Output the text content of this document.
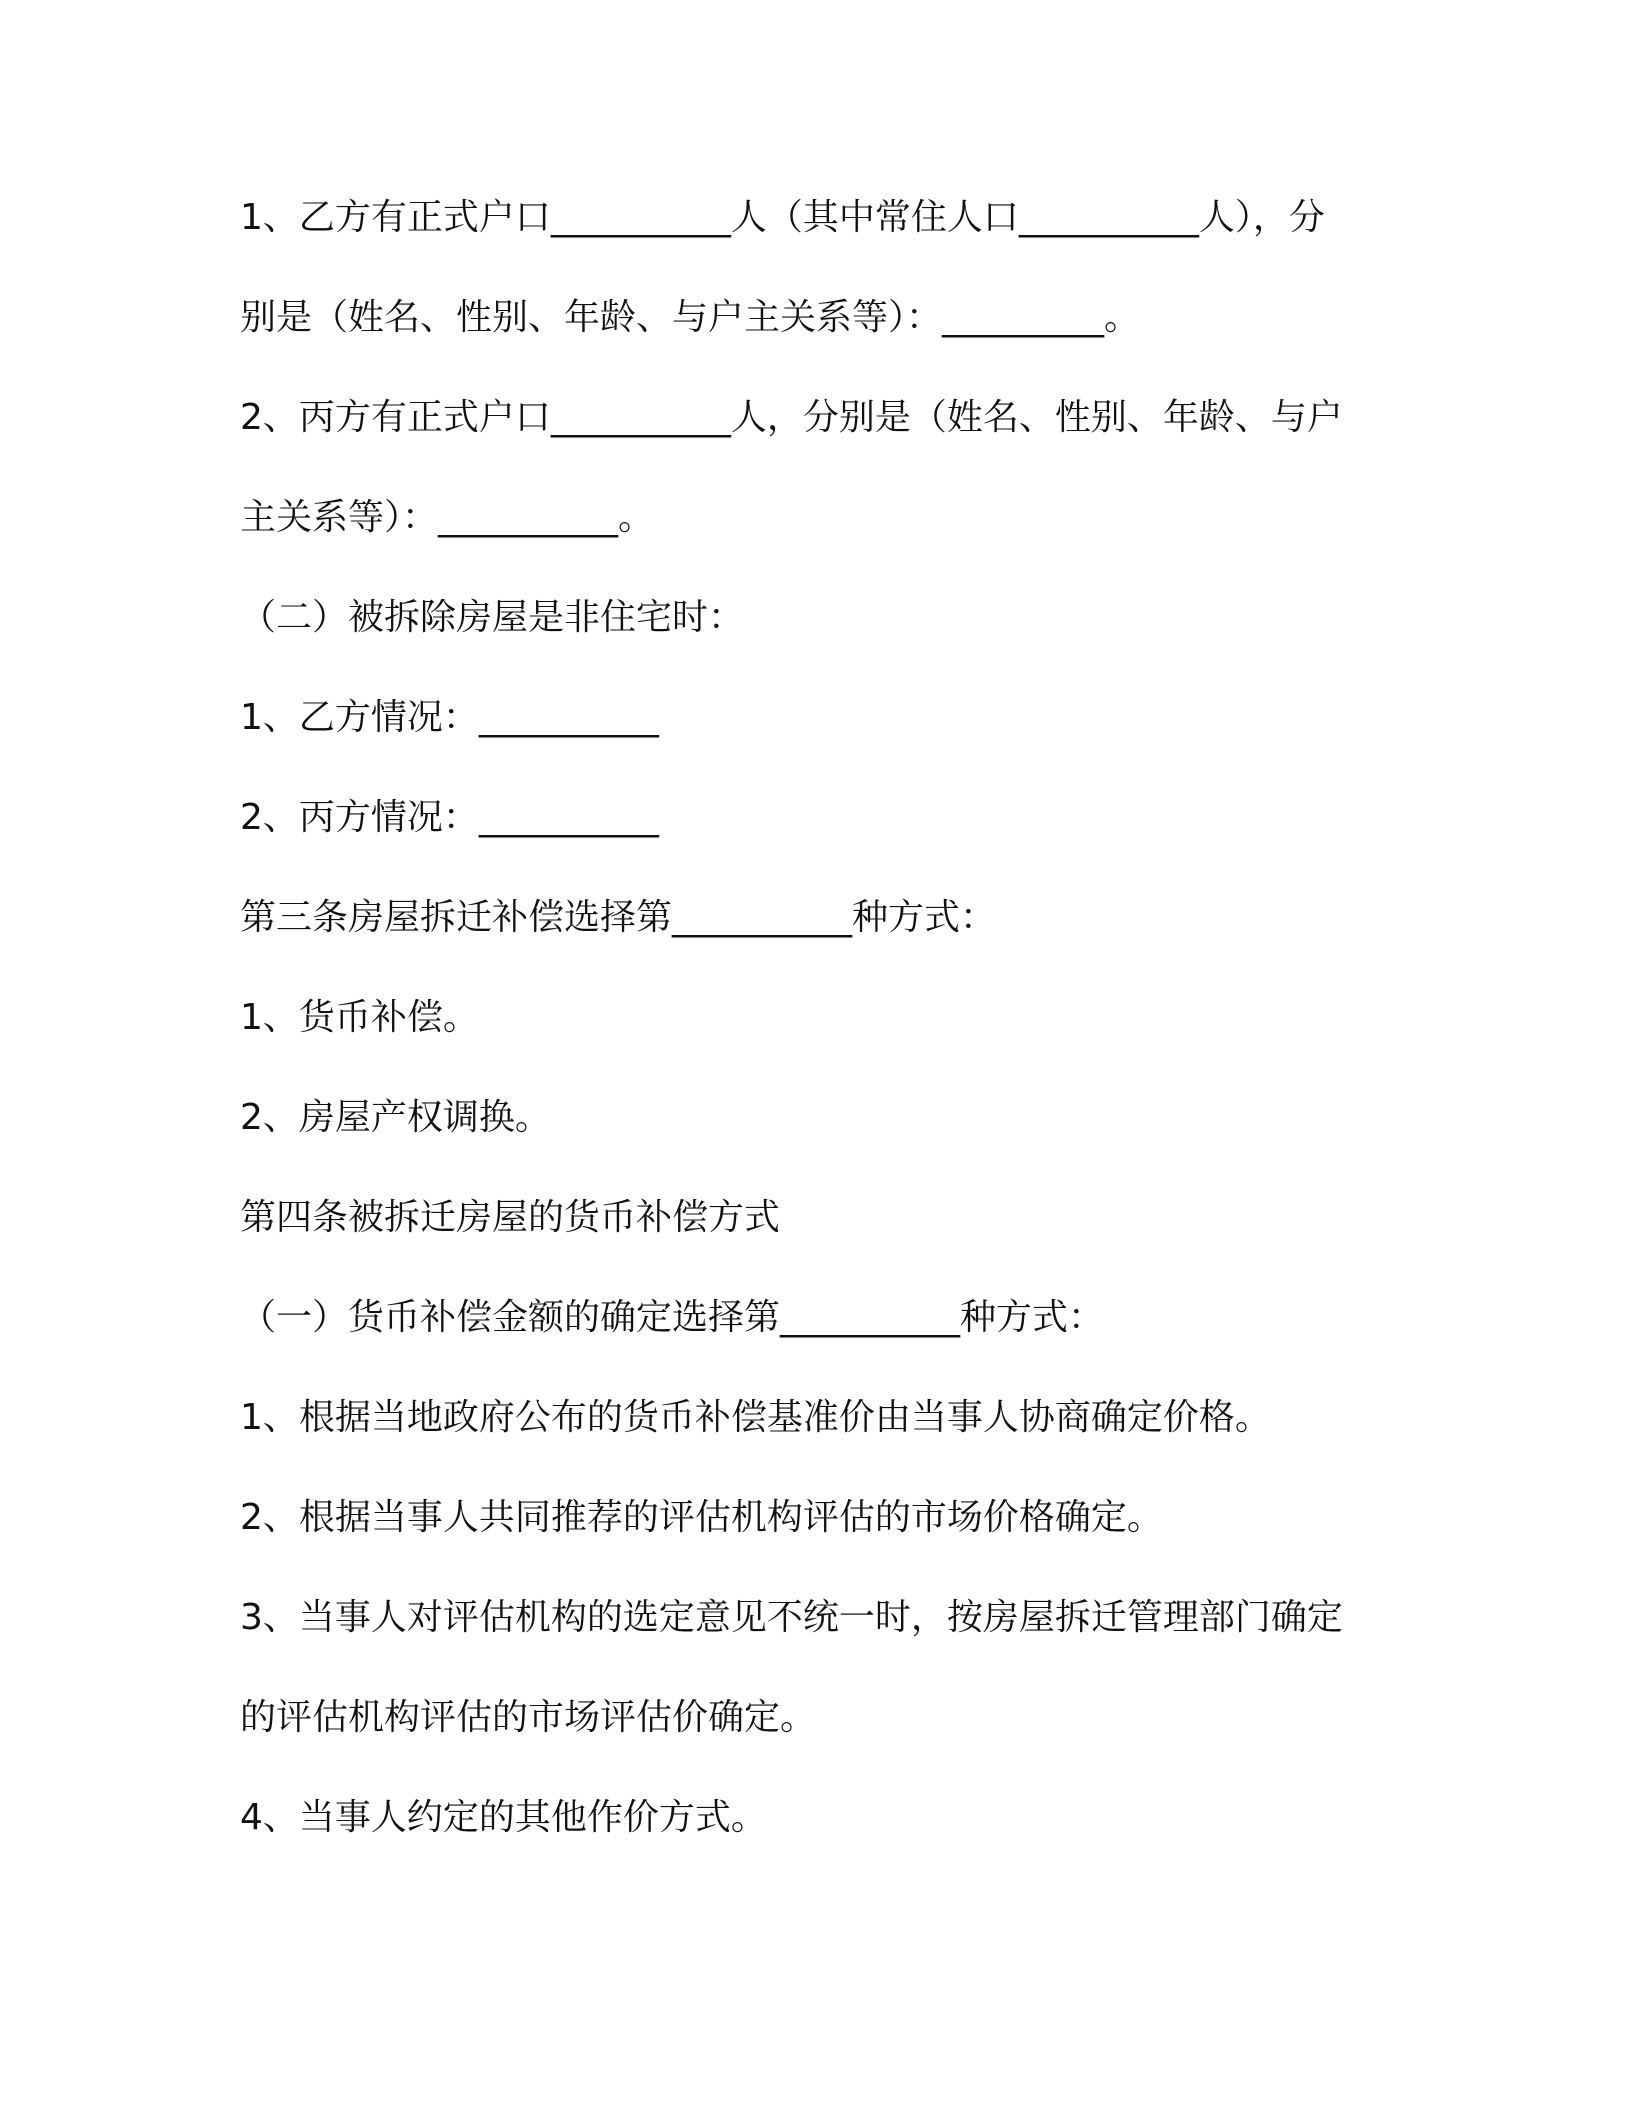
1、乙方有正式户口__________人（其中常住人口__________人），分
别是（姓名、性别、年龄、与户主关系等）：_________。
2、丙方有正式户口__________人，分别是（姓名、性别、年龄、与户
主关系等）：__________。
（二）被拆除房屋是非住宅时：
1、乙方情况：__________
2、丙方情况：__________
第三条房屋拆迁补偿选择第__________种方式：
1、货币补偿。
2、房屋产权调换。
第四条被拆迁房屋的货币补偿方式
（一）货币补偿金额的确定选择第__________种方式：
1、根据当地政府公布的货币补偿基准价由当事人协商确定价格。
2、根据当事人共同推荐的评估机构评估的市场价格确定。
3、当事人对评估机构的选定意见不统一时，按房屋拆迁管理部门确定
的评估机构评估的市场评估价确定。
4、当事人约定的其他作价方式。
